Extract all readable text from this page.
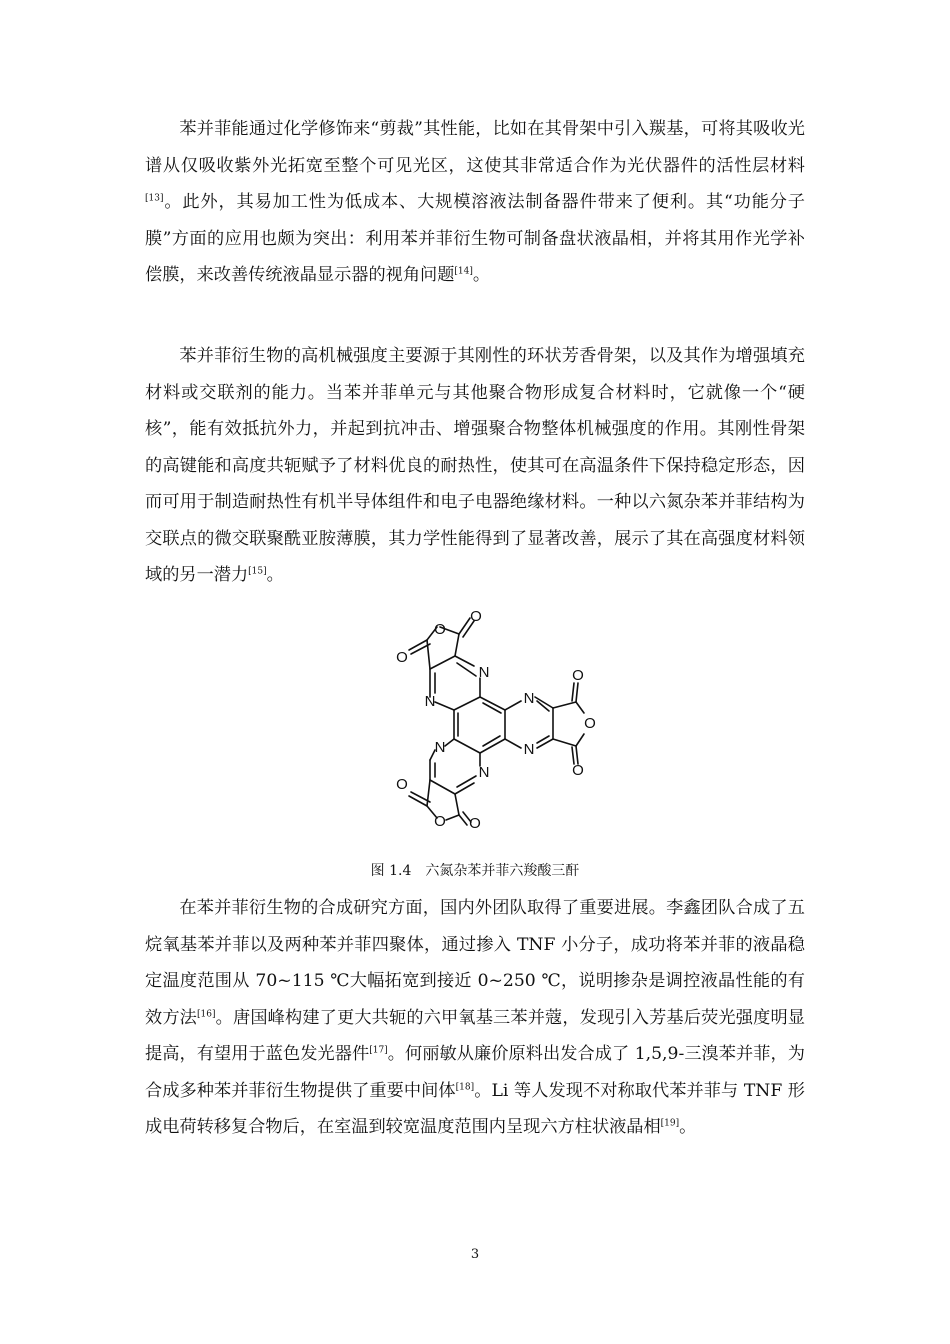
苯并菲能通过化学修饰来“剪裁”其性能，比如在其骨架中引入羰基，可将其吸收光谱从仅吸收紫外光拓宽至整个可见光区，这使其非常适合作为光伏器件的活性层材料[13]。此外，其易加工性为低成本、大规模溶液法制备器件带来了便利。其“功能分子膜”方面的应用也颇为突出：利用苯并菲衍生物可制备盘状液晶相，并将其用作光学补偿膜，来改善传统液晶显示器的视角问题[14]。

苯并菲衍生物的高机械强度主要源于其刚性的环状芳香骨架，以及其作为增强填充材料或交联剂的能力。当苯并菲单元与其他聚合物形成复合材料时，它就像一个“硬核”，能有效抵抗外力，并起到抗冲击、增强聚合物整体机械强度的作用。其刚性骨架的高键能和高度共轭赋予了材料优良的耐热性，使其可在高温条件下保持稳定形态，因而可用于制造耐热性有机半导体组件和电子电器绝缘材料。一种以六氮杂苯并菲结构为交联点的微交联聚酰亚胺薄膜，其力学性能得到了显著改善，展示了其在高强度材料领域的另一潜力[15]。

O
O
O
O
O
O
O
O O
N
N	N
N
N
N
图 1.4　六氮杂苯并菲六羧酸三酐

在苯并菲衍生物的合成研究方面，国内外团队取得了重要进展。李鑫团队合成了五烷氧基苯并菲以及两种苯并菲四聚体，通过掺入 TNF 小分子，成功将苯并菲的液晶稳定温度范围从 70~115 ℃大幅拓宽到接近 0~250 ℃，说明掺杂是调控液晶性能的有效方法[16]。唐国峰构建了更大共轭的六甲氧基三苯并蔻，发现引入芳基后荧光强度明显提高，有望用于蓝色发光器件[17]。何丽敏从廉价原料出发合成了 1,5,9-三溴苯并菲，为合成多种苯并菲衍生物提供了重要中间体[18]。Li 等人发现不对称取代苯并菲与 TNF 形成电荷转移复合物后，在室温到较宽温度范围内呈现六方柱状液晶相[19]。

3
